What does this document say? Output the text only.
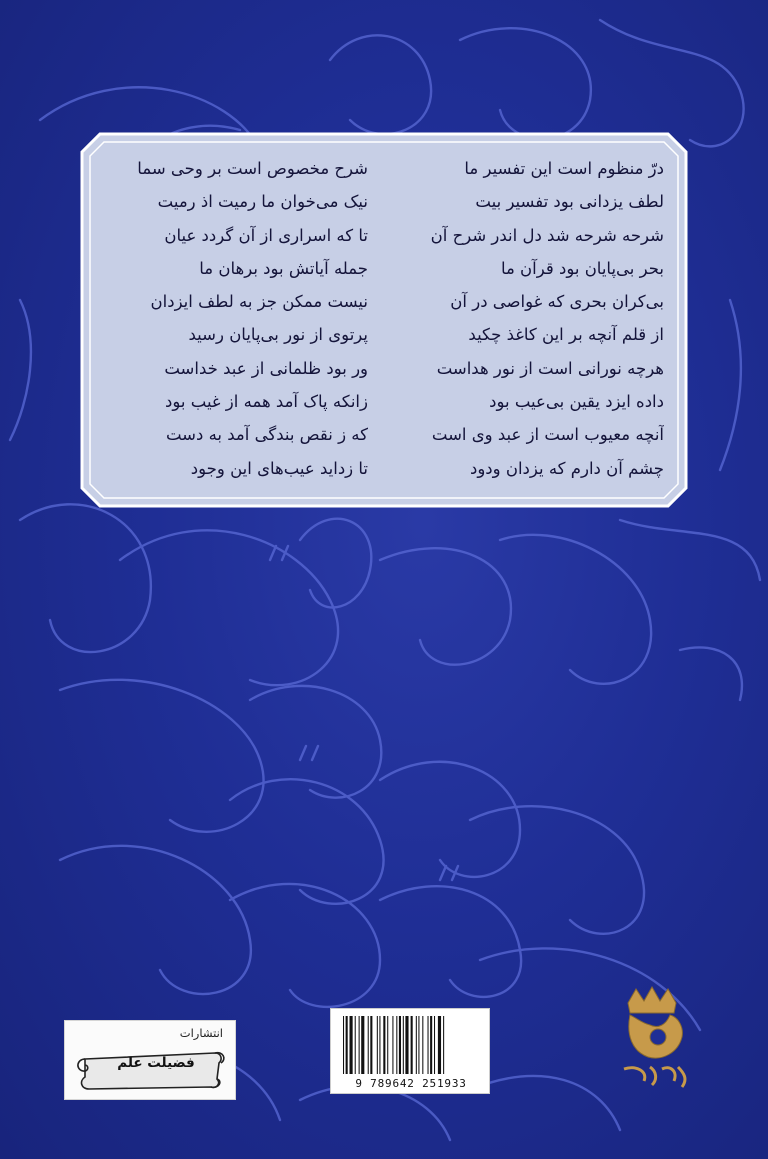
درّ منظوم است این تفسیر ما
لطف یزدانی بود تفسیر بیت
شرحه شرحه شد دل اندر شرح آن
بحر بی‌پایان بود قرآن ما
بی‌کران بحری که غواصی در آن
از قلم آنچه بر این کاغذ چکید
هرچه نورانی است از نور هداست
داده ایزد یقین بی‌عیب بود
آنچه معیوب است از عبد وی است
چشم آن دارم که یزدان ودود
شرح مخصوص است بر وحی سما
نیک می‌خوان ما رمیت اذ رمیت
تا که اسراری از آن گردد عیان
جمله آیاتش بود برهان ما
نیست ممکن جز به لطف ایزدان
پرتوی از نور بی‌پایان رسید
ور بود ظلمانی از عبد خداست
زانکه پاک آمد همه از غیب بود
که ز نقص بندگی آمد به دست
تا زداید عیب‌های این وجود
انتشارات
فضیلت علم
9 789642 251933
